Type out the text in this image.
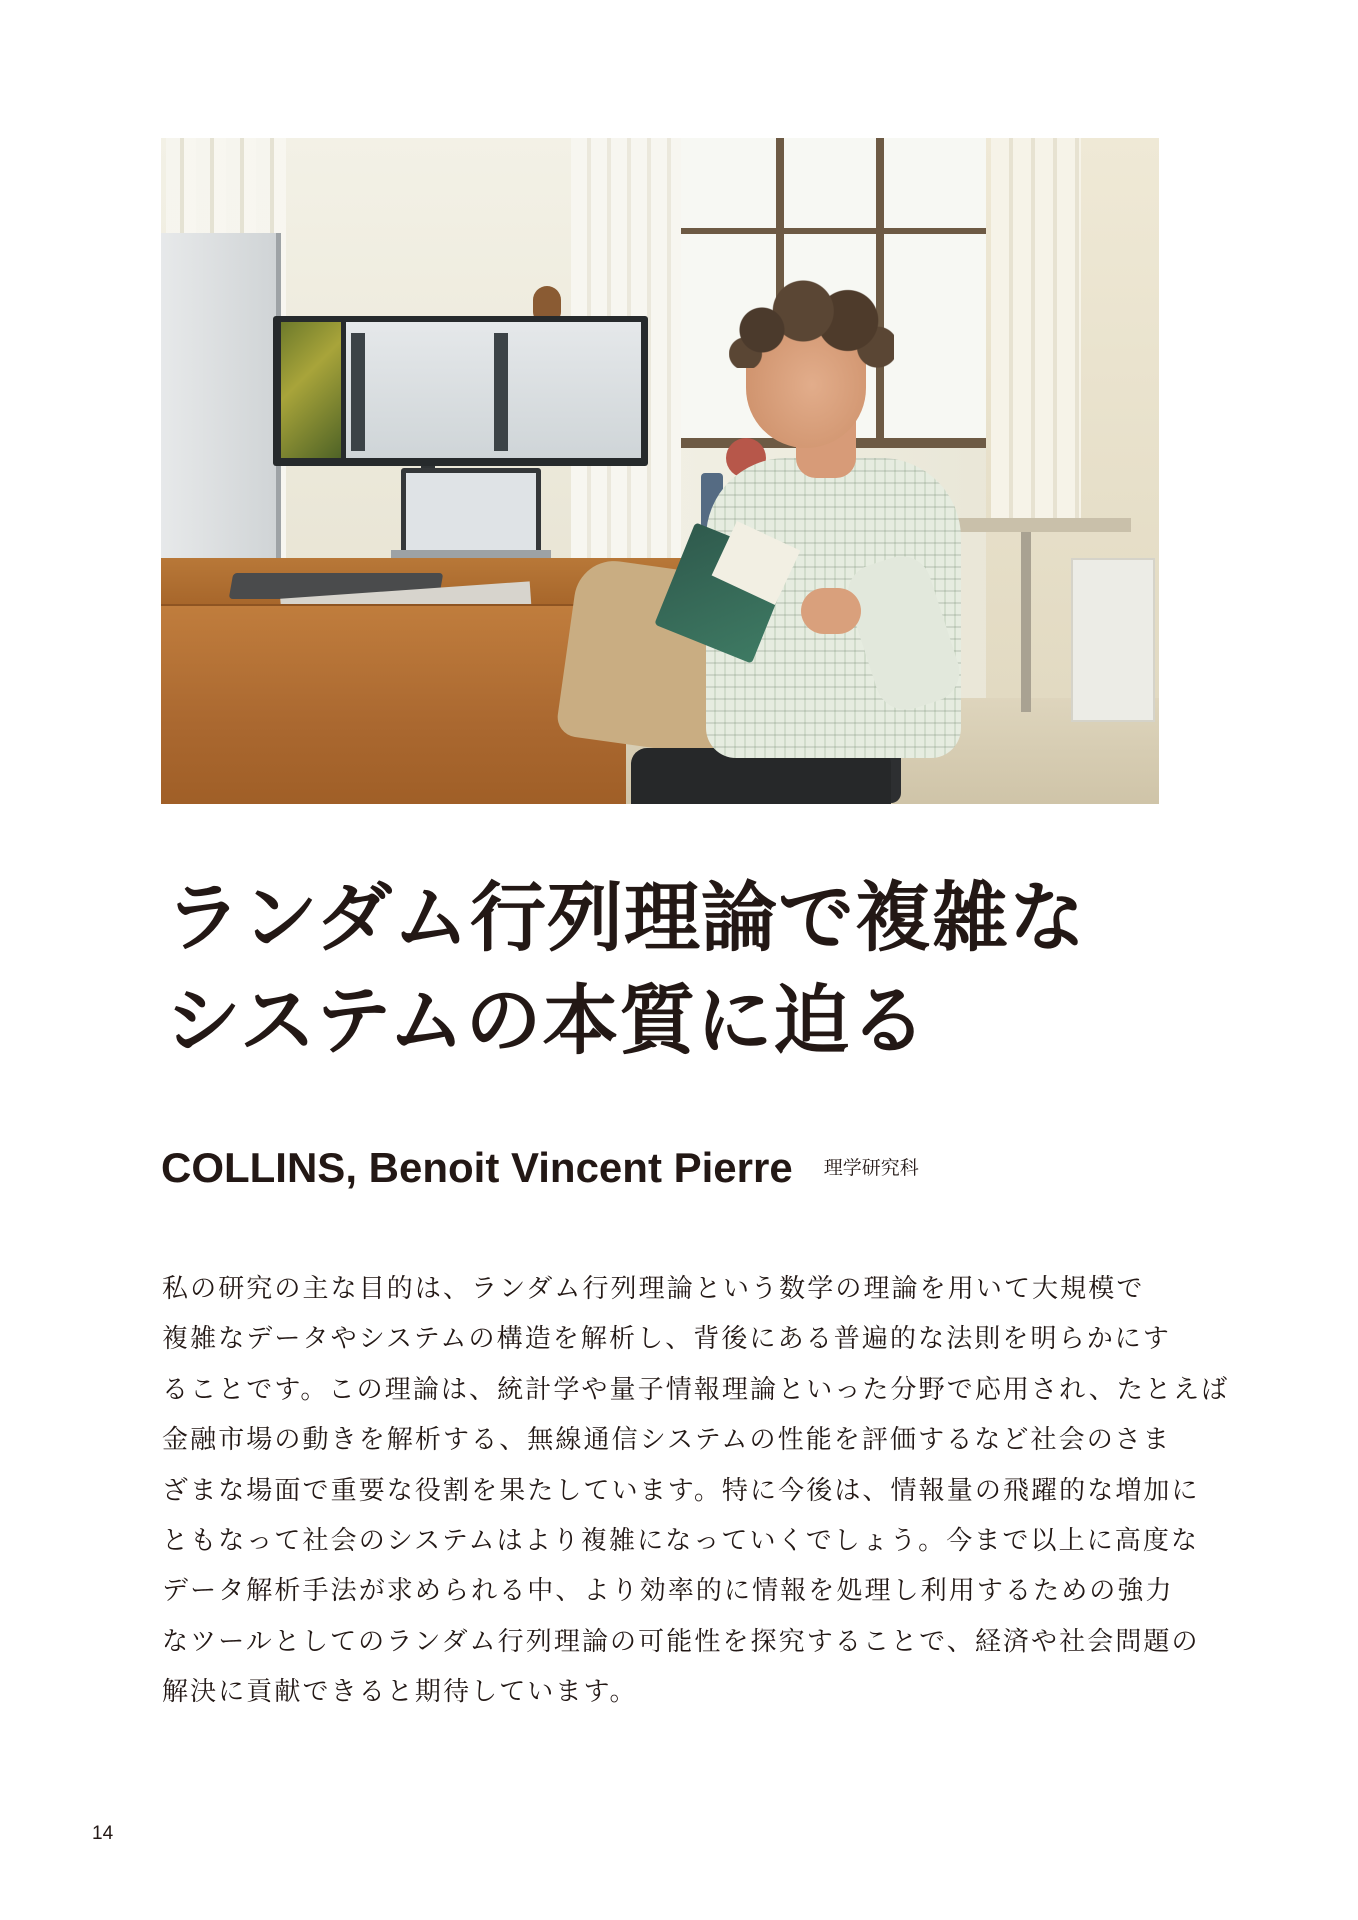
ランダム行列理論で複雑な
システムの本質に迫る
COLLINS, Benoit Vincent Pierre 理学研究科
私の研究の主な目的は、ランダム行列理論という数学の理論を用いて大規模で
複雑なデータやシステムの構造を解析し、背後にある普遍的な法則を明らかにす
ることです。この理論は、統計学や量子情報理論といった分野で応用され、たとえば
金融市場の動きを解析する、無線通信システムの性能を評価するなど社会のさま
ざまな場面で重要な役割を果たしています。特に今後は、情報量の飛躍的な増加に
ともなって社会のシステムはより複雑になっていくでしょう。今まで以上に高度な
データ解析手法が求められる中、より効率的に情報を処理し利用するための強力
なツールとしてのランダム行列理論の可能性を探究することで、経済や社会問題の
解決に貢献できると期待しています。
14
